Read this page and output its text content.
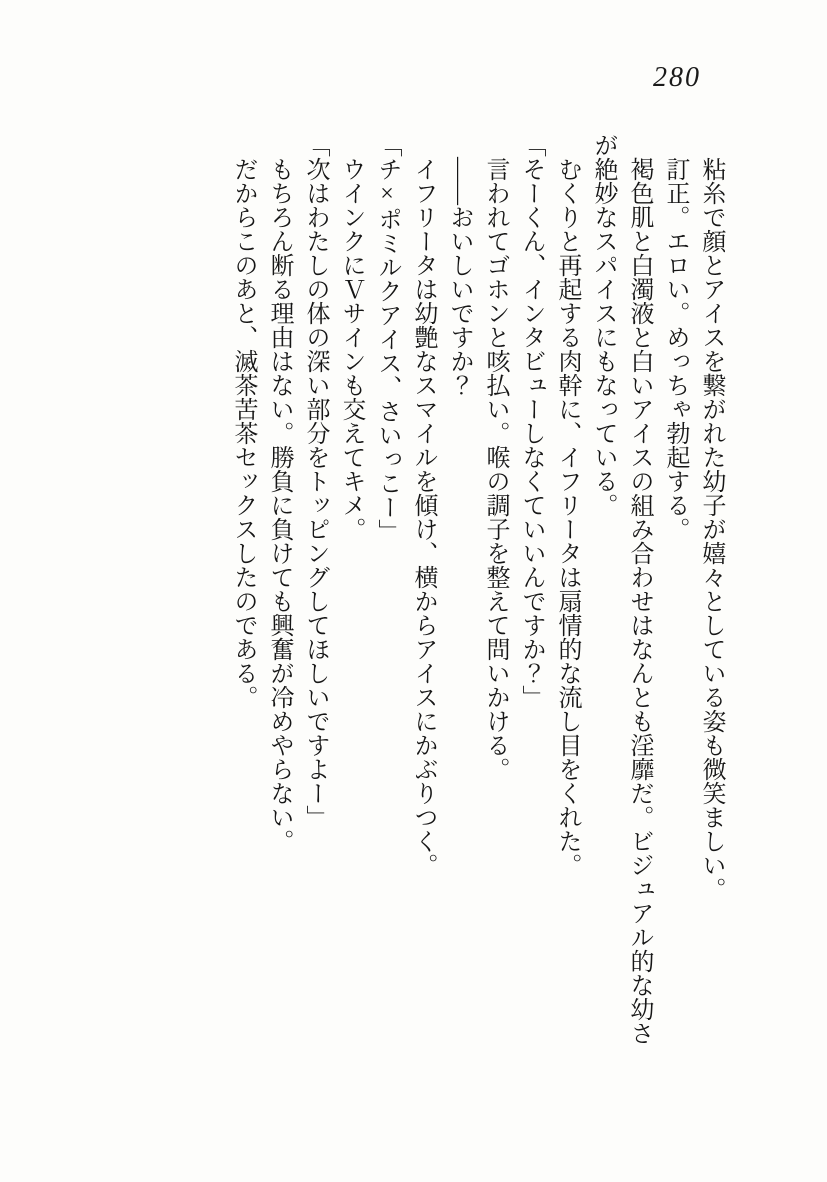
280

粘糸で顔とアイスを繋がれた幼子が嬉々としている姿も微笑ましい。

訂正。エロい。めっちゃ勃起する。

褐色肌と白濁液と白いアイスの組み合わせはなんとも淫靡だ。ビジュアル的な幼さが絶妙なスパイスにもなっている。

むくりと再起する肉幹に、イフリータは扇情的な流し目をくれた。

「そーくん、インタビューしなくていいんですか？」

言われてゴホンと咳払い。喉の調子を整えて問いかける。

――おいしいですか？

イフリータは幼艶なスマイルを傾け、横からアイスにかぶりつく。

「チ×ポミルクアイス、さいっこー」

ウインクにＶサインも交えてキメ。

「次はわたしの体の深い部分をトッピングしてほしいですよー」

もちろん断る理由はない。勝負に負けても興奮が冷めやらない。

だからこのあと、滅茶苦茶セックスしたのである。
